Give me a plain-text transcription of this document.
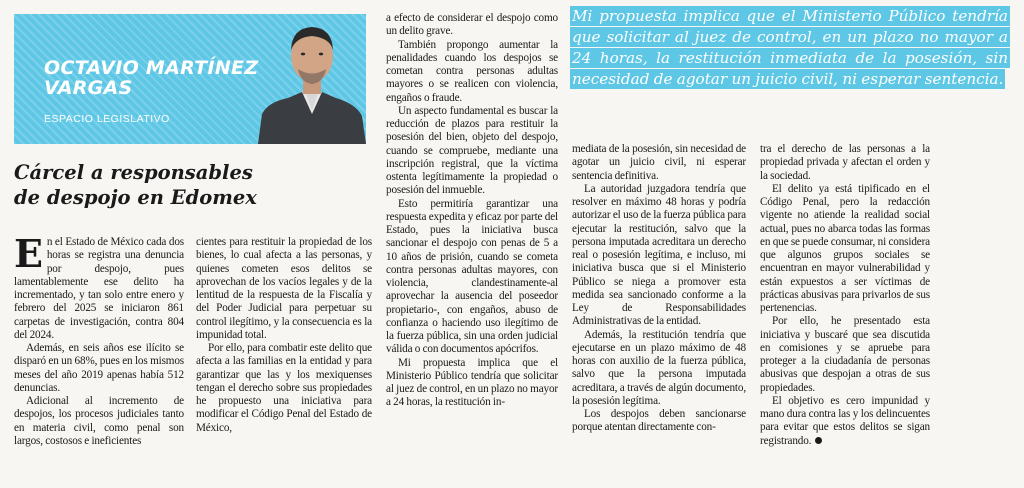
OCTAVIO MARTÍNEZ
VARGAS
ESPACIO LEGISLATIVO
Cárcel a responsables
de despojo en Edomex

Mi propuesta implica que el Ministerio Público tendría que solicitar al juez de control, en un plazo no mayor a 24 horas, la restitución inmediata de la posesión, sin necesidad de agotar un juicio civil, ni esperar sentencia.

En el Estado de México cada dos horas se registra una denuncia por despojo, pues lamentablemente ese delito ha incrementado, y tan solo entre enero y febrero del 2025 se iniciaron 861 carpetas de investigación, contra 804 del 2024.

Además, en seis años ese ilícito se disparó en un 68%, pues en los mismos meses del año 2019 apenas había 512 denuncias.

Adicional al incremento de despojos, los procesos judiciales tanto en materia civil, como penal son largos, costosos e ineficientes

cientes para restituir la propiedad de los bienes, lo cual afecta a las personas, y quienes cometen esos delitos se aprovechan de los vacíos legales y de la lentitud de la respuesta de la Fiscalía y del Poder Judicial para perpetuar su control ilegítimo, y la consecuencia es la impunidad total.

Por ello, para combatir este delito que afecta a las familias en la entidad y para garantizar que las y los mexiquenses tengan el derecho sobre sus propiedades he propuesto una iniciativa para modificar el Código Penal del Estado de México,

a efecto de considerar el despojo como un delito grave.

También propongo aumentar la penalidades cuando los despojos se cometan contra personas adultas mayores o se realicen con violencia, engaños o fraude.

Un aspecto fundamental es buscar la reducción de plazos para restituir la posesión del bien, objeto del despojo, cuando se compruebe, mediante una inscripción registral, que la víctima ostenta legítimamente la propiedad o posesión del inmueble.

Esto permitiría garantizar una respuesta expedita y eficaz por parte del Estado, pues la iniciativa busca sancionar el despojo con penas de 5 a 10 años de prisión, cuando se cometa contra personas adultas mayores, con violencia, clandestinamente-al aprovechar la ausencia del poseedor propietario-, con engaños, abuso de confianza o haciendo uso ilegítimo de la fuerza pública, sin una orden judicial válida o con documentos apócrifos.

Mi propuesta implica que el Ministerio Público tendría que solicitar al juez de control, en un plazo no mayor a 24 horas, la restitución in-

mediata de la posesión, sin necesidad de agotar un juicio civil, ni esperar sentencia definitiva.

La autoridad juzgadora tendría que resolver en máximo 48 horas y podría autorizar el uso de la fuerza pública para ejecutar la restitución, salvo que la persona imputada acreditara un derecho real o posesión legítima, e incluso, mi iniciativa busca que si el Ministerio Público se niega a promover esta medida sea sancionado conforme a la Ley de Responsabilidades Administrativas de la entidad.

Además, la restitución tendría que ejecutarse en un plazo máximo de 48 horas con auxilio de la fuerza pública, salvo que la persona imputada acreditara, a través de algún documento, la posesión legítima.

Los despojos deben sancionarse porque atentan directamente con-

tra el derecho de las personas a la propiedad privada y afectan el orden y la sociedad.

El delito ya está tipificado en el Código Penal, pero la redacción vigente no atiende la realidad social actual, pues no abarca todas las formas en que se puede consumar, ni considera que algunos grupos sociales se encuentran en mayor vulnerabilidad y están expuestos a ser víctimas de prácticas abusivas para privarlos de sus pertenencias.

Por ello, he presentado esta iniciativa y buscaré que sea discutida en comisiones y se apruebe para proteger a la ciudadanía de personas abusivas que despojan a otras de sus propiedades.

El objetivo es cero impunidad y mano dura contra las y los delincuentes para evitar que estos delitos se sigan registrando.
